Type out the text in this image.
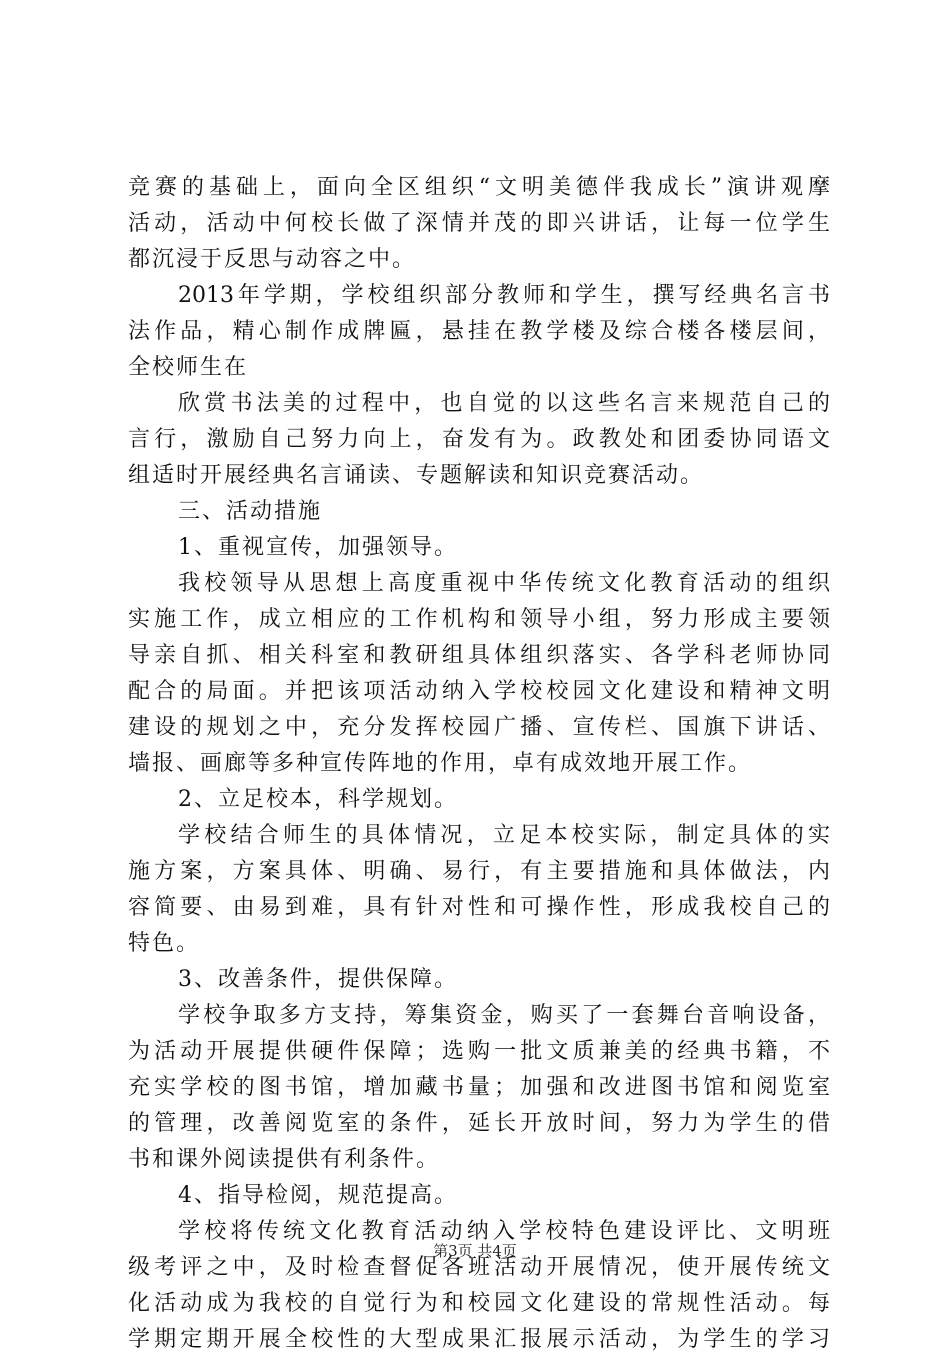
竞赛的基础上，面向全区组织“文明美德伴我成长”演讲观摩
活动，活动中何校长做了深情并茂的即兴讲话，让每一位学生
都沉浸于反思与动容之中。
2013年学期，学校组织部分教师和学生，撰写经典名言书
法作品，精心制作成牌匾，悬挂在教学楼及综合楼各楼层间，
全校师生在
欣赏书法美的过程中，也自觉的以这些名言来规范自己的
言行，激励自己努力向上，奋发有为。政教处和团委协同语文
组适时开展经典名言诵读、专题解读和知识竞赛活动。
三、活动措施
1、重视宣传，加强领导。
我校领导从思想上高度重视中华传统文化教育活动的组织
实施工作，成立相应的工作机构和领导小组，努力形成主要领
导亲自抓、相关科室和教研组具体组织落实、各学科老师协同
配合的局面。并把该项活动纳入学校校园文化建设和精神文明
建设的规划之中，充分发挥校园广播、宣传栏、国旗下讲话、
墙报、画廊等多种宣传阵地的作用，卓有成效地开展工作。
2、立足校本，科学规划。
学校结合师生的具体情况，立足本校实际，制定具体的实
施方案，方案具体、明确、易行，有主要措施和具体做法，内
容简要、由易到难，具有针对性和可操作性，形成我校自己的
特色。
3、改善条件，提供保障。
学校争取多方支持，筹集资金，购买了一套舞台音响设备，
为活动开展提供硬件保障；选购一批文质兼美的经典书籍，不
充实学校的图书馆，增加藏书量；加强和改进图书馆和阅览室
的管理，改善阅览室的条件，延长开放时间，努力为学生的借
书和课外阅读提供有利条件。
4、指导检阅，规范提高。
学校将传统文化教育活动纳入学校特色建设评比、文明班
级考评之中，及时检查督促各班活动开展情况，使开展传统文
化活动成为我校的自觉行为和校园文化建设的常规性活动。每
学期定期开展全校性的大型成果汇报展示活动，为学生的学习
第3页 共4页
